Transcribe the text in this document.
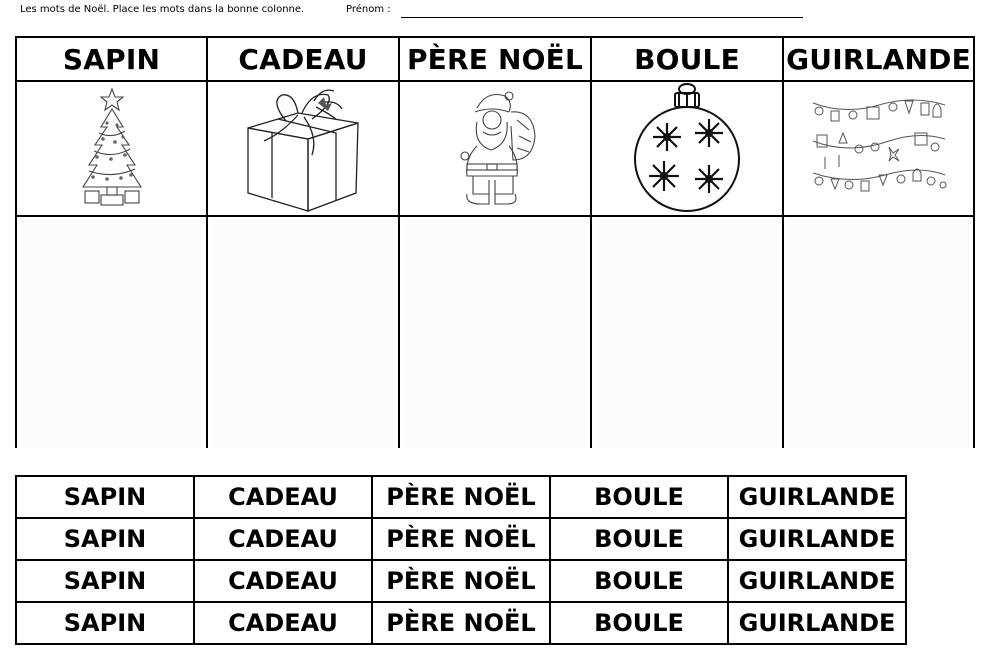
Les mots de Noël. Place les mots dans la bonne colonne.	Prénom :
SAPIN	CADEAU	PÈRE NOËL	BOULE	GUIRLANDE
SAPIN	CADEAU	PÈRE NOËL	BOULE	GUIRLANDE
SAPIN	CADEAU	PÈRE NOËL	BOULE	GUIRLANDE
SAPIN	CADEAU	PÈRE NOËL	BOULE	GUIRLANDE
SAPIN	CADEAU	PÈRE NOËL	BOULE	GUIRLANDE
